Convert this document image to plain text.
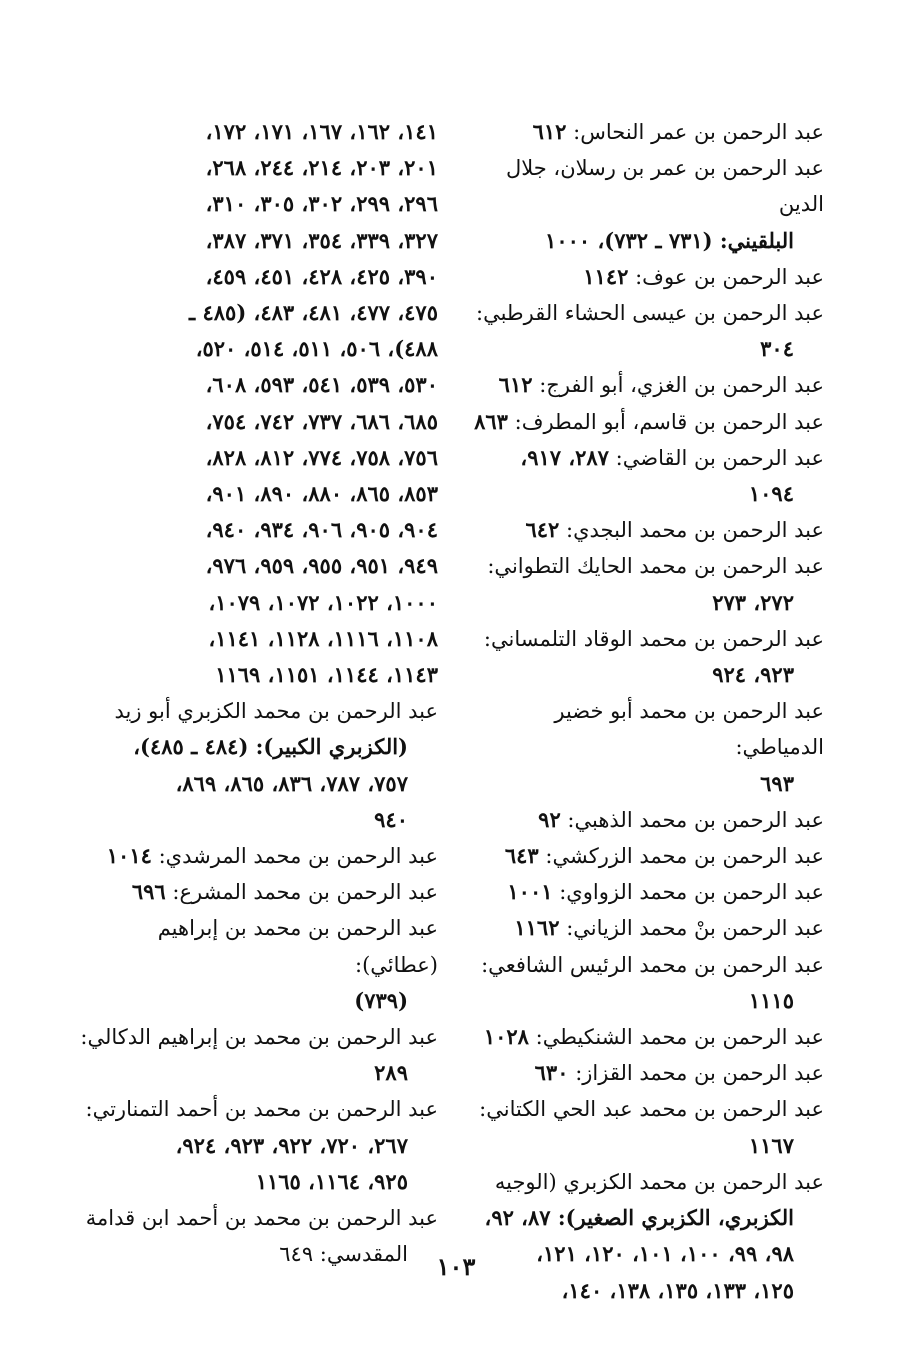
عبد الرحمن بن عمر النحاس: ٦١٢
عبد الرحمن بن عمر بن رسلان، جلال الدين
البلقيني: (٧٣١ ـ ٧٣٢)، ١٠٠٠
عبد الرحمن بن عوف: ١١٤٢
عبد الرحمن بن عيسى الحشاء القرطبي:
٣٠٤
عبد الرحمن بن الغزي، أبو الفرج: ٦١٢
عبد الرحمن بن قاسم، أبو المطرف: ٨٦٣
عبد الرحمن بن القاضي: ٢٨٧، ٩١٧،
١٠٩٤
عبد الرحمن بن محمد البجدي: ٦٤٢
عبد الرحمن بن محمد الحايك التطواني:
٢٧٢، ٢٧٣
عبد الرحمن بن محمد الوقاد التلمساني:
٩٢٣، ٩٢٤
عبد الرحمن بن محمد أبو خضير الدمياطي:
٦٩٣
عبد الرحمن بن محمد الذهبي: ٩٢
عبد الرحمن بن محمد الزركشي: ٦٤٣
عبد الرحمن بن محمد الزواوي: ١٠٠١
عبد الرحمن بنْ محمد الزياني: ١١٦٢
عبد الرحمن بن محمد الرئيس الشافعي:
١١١٥
عبد الرحمن بن محمد الشنكيطي: ١٠٢٨
عبد الرحمن بن محمد القزاز: ٦٣٠
عبد الرحمن بن محمد عبد الحي الكتاني:
١١٦٧
عبد الرحمن بن محمد الكزبري (الوجيه
الكزبري، الكزبري الصغير): ٨٧، ٩٢،
٩٨، ٩٩، ١٠٠، ١٠١، ١٢٠، ١٢١،
١٢٥، ١٣٣، ١٣٥، ١٣٨، ١٤٠،
١٤١، ١٦٢، ١٦٧، ١٧١، ١٧٢،
٢٠١، ٢٠٣، ٢١٤، ٢٤٤، ٢٦٨،
٢٩٦، ٢٩٩، ٣٠٢، ٣٠٥، ٣١٠،
٣٢٧، ٣٣٩، ٣٥٤، ٣٧١، ٣٨٧،
٣٩٠، ٤٢٥، ٤٢٨، ٤٥١، ٤٥٩،
٤٧٥، ٤٧٧، ٤٨١، ٤٨٣، (٤٨٥ ـ
٤٨٨)، ٥٠٦، ٥١١، ٥١٤، ٥٢٠،
٥٣٠، ٥٣٩، ٥٤١، ٥٩٣، ٦٠٨،
٦٨٥، ٦٨٦، ٧٣٧، ٧٤٢، ٧٥٤،
٧٥٦، ٧٥٨، ٧٧٤، ٨١٢، ٨٢٨،
٨٥٣، ٨٦٥، ٨٨٠، ٨٩٠، ٩٠١،
٩٠٤، ٩٠٥، ٩٠٦، ٩٣٤، ٩٤٠،
٩٤٩، ٩٥١، ٩٥٥، ٩٥٩، ٩٧٦،
١٠٠٠، ١٠٢٢، ١٠٧٢، ١٠٧٩،
١١٠٨، ١١١٦، ١١٢٨، ١١٤١،
١١٤٣، ١١٤٤، ١١٥١، ١١٦٩
عبد الرحمن بن محمد الكزبري أبو زيد
(الكزبري الكبير): (٤٨٤ ـ ٤٨٥)،
٧٥٧، ٧٨٧، ٨٣٦، ٨٦٥، ٨٦٩،
٩٤٠
عبد الرحمن بن محمد المرشدي: ١٠١٤
عبد الرحمن بن محمد المشرع: ٦٩٦
عبد الرحمن بن محمد بن إبراهيم (عطائي):
(٧٣٩)
عبد الرحمن بن محمد بن إبراهيم الدكالي:
٢٨٩
عبد الرحمن بن محمد بن أحمد التمنارتي:
٢٦٧، ٧٢٠، ٩٢٢، ٩٢٣، ٩٢٤،
٩٢٥، ١١٦٤، ١١٦٥
عبد الرحمن بن محمد بن أحمد ابن قدامة
المقدسي: ٦٤٩	١٠٣
